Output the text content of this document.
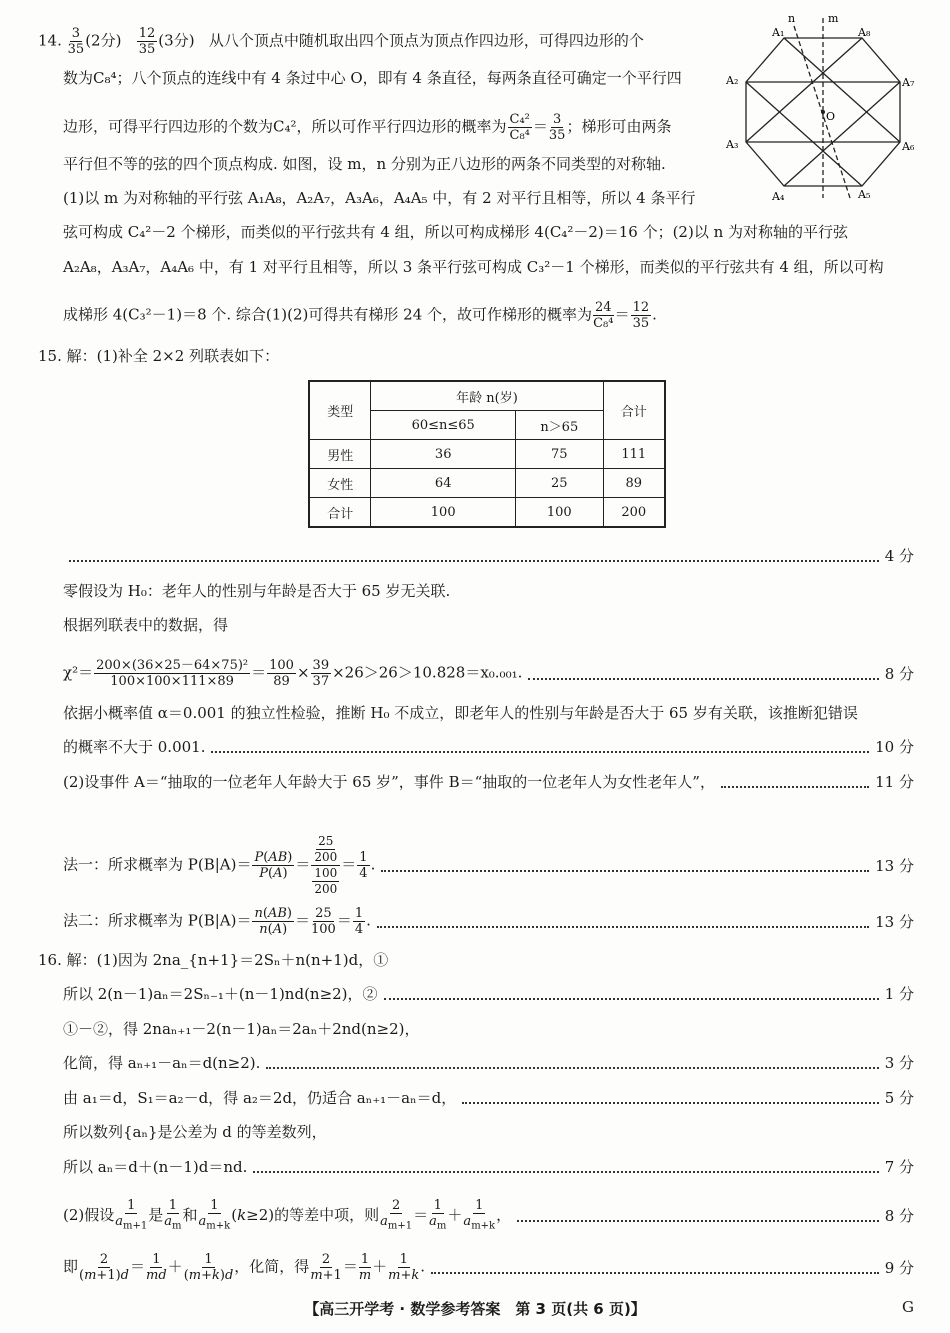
14. $\frac{3}{35} (2$分) $\frac{12}{35} (3$分) 从八个顶点中随机取出四个顶点为顶点作四边形，可得四边形的个
数为C₈⁴；八个顶点的连线中有 4 条过中心 O，即有 4 条直径，每两条直径可确定一个平行四
边形，可得平行四边形的个数为C₄²，所以可作平行四边形的概率为 $\frac{\text{C₄²}}{\text{C₈⁴}} = \frac{3}{35}$ ；梯形可由两条
平行但不等的弦的四个顶点构成. 如图，设 m，n 分别为正八边形的两条不同类型的对称轴.
(1)以 m 为对称轴的平行弦 A₁A₈，A₂A₇，A₃A₆，A₄A₅ 中，有 2 对平行且相等，所以 4 条平行
弦可构成 C₄²－2 个梯形，而类似的平行弦共有 4 组，所以可构成梯形 4(C₄²－2)＝16 个；(2)以 n 为对称轴的平行弦
A₂A₈，A₃A₇，A₄A₆ 中，有 1 对平行且相等，所以 3 条平行弦可构成 C₃²－1 个梯形，而类似的平行弦共有 4 组，所以可构
成梯形 4(C₃²－1)＝8 个. 综合(1)(2)可得共有梯形 24 个，故可作梯形的概率为 $\frac{24}{\text{C₈⁴}} = \frac{12}{35}$ .
A₁
A₂
A₃
A₄	A₅
A₆
A₇
A₈
O
n	m
15. 解：(1)补全 2×2 列联表如下：
类型	年龄 n(岁)		合计
	60≤n≤65	n＞65	
男性	36	75	111
女性	64	25	89
合计	100	100	200
4 分
零假设为 H₀：老年人的性别与年龄是否大于 65 岁无关联.
根据列联表中的数据，得
$\chi^2= \frac{\text{200×(36×25－64×75)²}}{100\times 100\times 111\times 89} = \frac{100}{89} \times \frac{39}{37} \times 26>26>10.828=x_0._{001}$.	8 分
依据小概率值 α＝0.001 的独立性检验，推断 H₀ 不成立，即老年人的性别与年龄是否大于 65 岁有关联，该推断犯错误
的概率不大于 0.001.	10 分
(2)设事件 A＝“抽取的一位老年人年龄大于 65 岁”，事件 B＝“抽取的一位老年人为女性老年人”，	11 分
法一：所求概率为 $P(B|A)= \frac{P(AB)}{P(A)} = \frac{\frac{25}{200}}{\frac{100}{200}} = \frac{1}{4}$ .	13 分
法二：所求概率为 $P(B|A)= \frac{n(AB)}{n(A)} = \frac{25}{100} = \frac{1}{4}$ .	13 分
16. 解：(1)因为 2na_{n+1}＝2Sₙ＋n(n+1)d，①
所以 2(n－1)aₙ＝2Sₙ₋₁＋(n－1)nd(n≥2)，②	1 分
①－②，得 2naₙ₊₁－2(n－1)aₙ＝2aₙ＋2nd(n≥2)，
化简，得 aₙ₊₁－aₙ＝d(n≥2).	3 分
由 a₁＝d，S₁＝a₂－d，得 a₂＝2d，仍适合 aₙ₊₁－aₙ＝d，	5 分
所以数列{aₙ}是公差为 d 的等差数列，
所以 aₙ＝d＋(n－1)d＝nd.	7 分
(2)假设 $\frac{1}{a_{m+1}}$ 是 $\frac{1}{a_m}$ 和 $\frac{1}{a_{m+k}} (k\ge 2)$的等差中项，则 $\frac{2}{a_{m+1}} = \frac{1}{a_m} + \frac{1}{a_{m+k}}$ ，	8 分
即 $\frac{2}{(m+1)d} = \frac{1}{md} + \frac{1}{(m+k)d}$ ，化简，得 $\frac{2}{m+1} = \frac{1}{m} + \frac{1}{m+k}$ .	9 分
【高三开学考 · 数学参考答案　第 3 页(共 6 页)】	G
